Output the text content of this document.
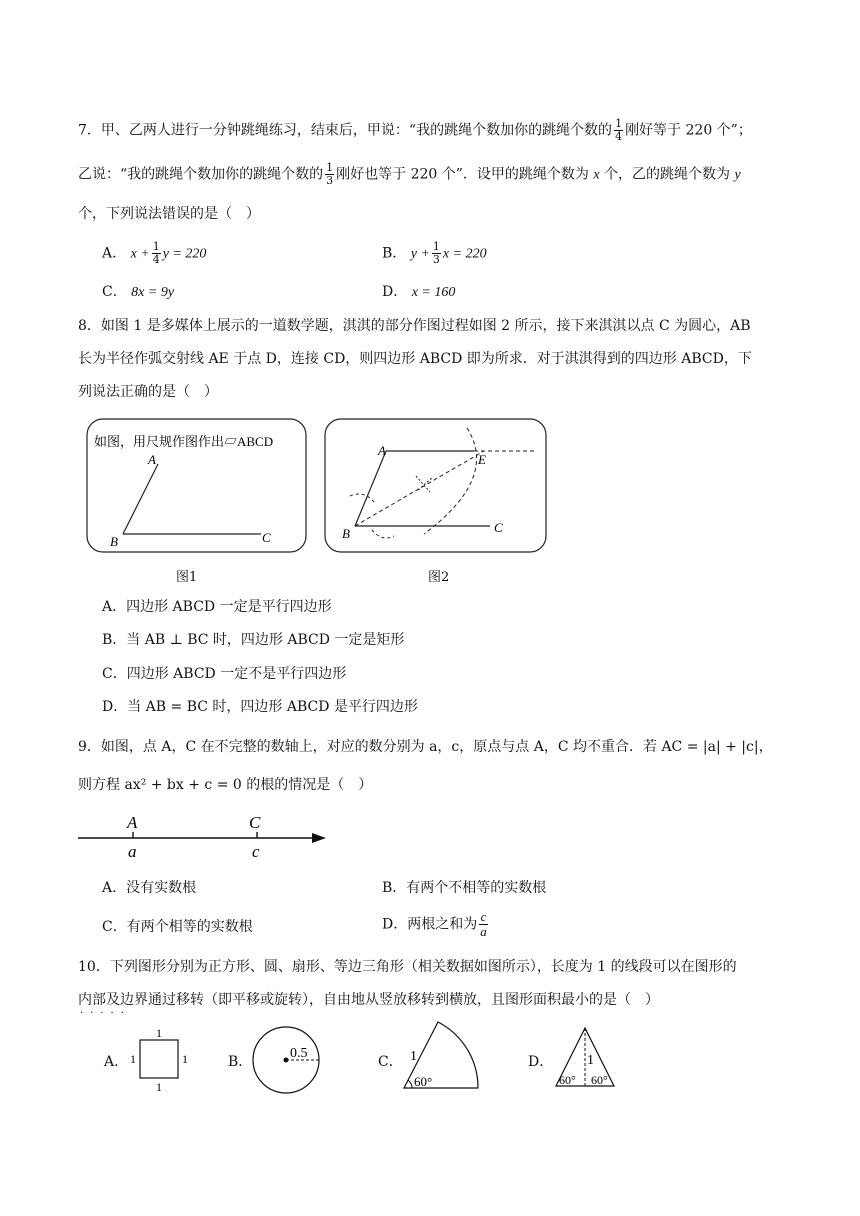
7．甲、乙两人进行一分钟跳绳练习，结束后，甲说：“我的跳绳个数加你的跳绳个数的 $\frac{1}{4}$ 刚好等于 220 个”；
乙说：“我的跳绳个数加你的跳绳个数的 $\frac{1}{3}$ 刚好也等于 220 个”．设甲的跳绳个数为 x 个，乙的跳绳个数为 y
个，下列说法错误的是（　）
A． $x + \frac{1}{4}$ y = 220	B． $y + \frac{1}{3}$ x = 220
C． 8x = 9y	D． x = 160
8．如图 1 是多媒体上展示的一道数学题，淇淇的部分作图过程如图 2 所示，接下来淇淇以点 C 为圆心，AB
长为半径作弧交射线 AE 于点 D，连接 CD，则四边形 ABCD 即为所求．对于淇淇得到的四边形 ABCD，下
列说法正确的是（　）
如图，用尺规作图作出▱ABCD
A
B	C
图1
A
B	C
E
图2
A．四边形 ABCD 一定是平行四边形
B．当 AB ⊥ BC 时，四边形 ABCD 一定是矩形
C．四边形 ABCD 一定不是平行四边形
D．当 AB = BC 时，四边形 ABCD 是平行四边形
9．如图，点 A，C 在不完整的数轴上，对应的数分别为 a，c，原点与点 A，C 均不重合．若 AC = |a| + |c|，
则方程 ax² + bx + c = 0 的根的情况是（　）
A
a
C
c
A．没有实数根	B．有两个不相等的实数根
C．有两个相等的实数根	D．两根之和为 $\frac{c}{a}$
10．下列图形分别为正方形、圆、扇形、等边三角形（相关数据如图所示），长度为 1 的线段可以在图形的
内部及边界通过移转（即平移或旋转），自由地从竖放移转到横放，且图形面积最小的是（　）
·····
A．
1
1	1
1
B．
0.5
C． 1
60°
D． 1
60° 60°
